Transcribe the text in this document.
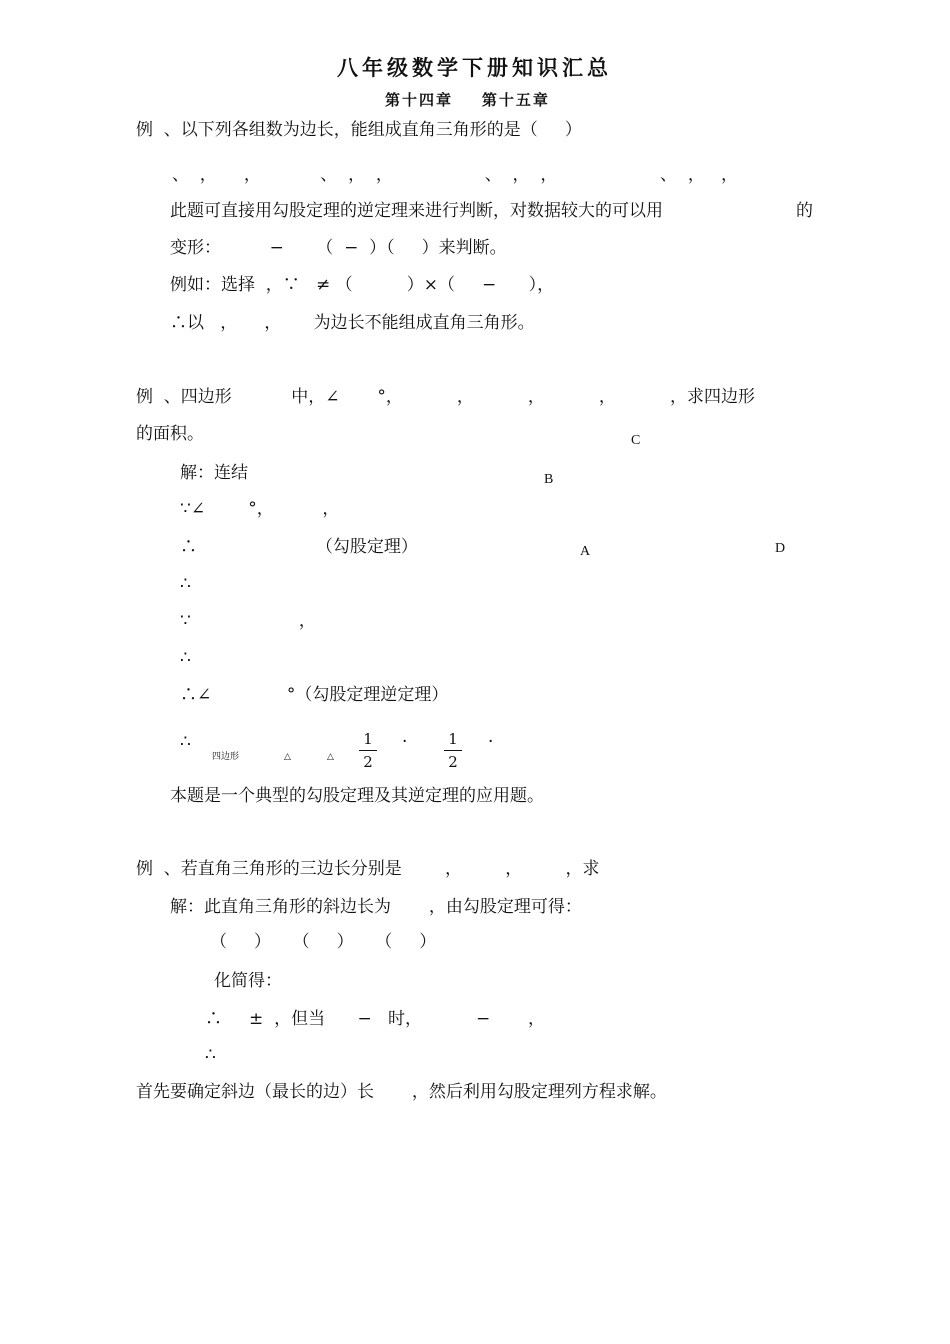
八年级数学下册知识汇总
第十四章    第十五章
例  、以下列各组数为边长，能组成直角三角形的是（     ）
、  ，     ，           、  ，  ，                 、  ，  ，                   、  ，   ，
此题可直接用勾股定理的逆定理来进行判断，对数据较大的可以用	的
变形：         −      （  −  ）（     ）来判断。
例如：选择  ，∵   ≠ （          ）×（     −      ），
∴以   ，     ，      为边长不能组成直角三角形。
例  、四边形           中，∠       °，          ，          ，          ，          ，求四边形
的面积。	C
B
A	D
解：连结
∵∠        °，         ，
∴                      （勾股定理）
∴
∵                    ，
∴
∴∠              °（勾股定理逆定理）
∴
四边形	△	△
1
2
·	1
2
·
本题是一个典型的勾股定理及其逆定理的应用题。
例  、若直角三角形的三边长分别是        ，        ，        ，求
解：此直角三角形的斜边长为       ，由勾股定理可得：
（     ）    （     ）    （     ）
化简得：
∴     ±  ，但当      −   时，          −       ，
∴
首先要确定斜边（最长的边）长       ，然后利用勾股定理列方程求解。
